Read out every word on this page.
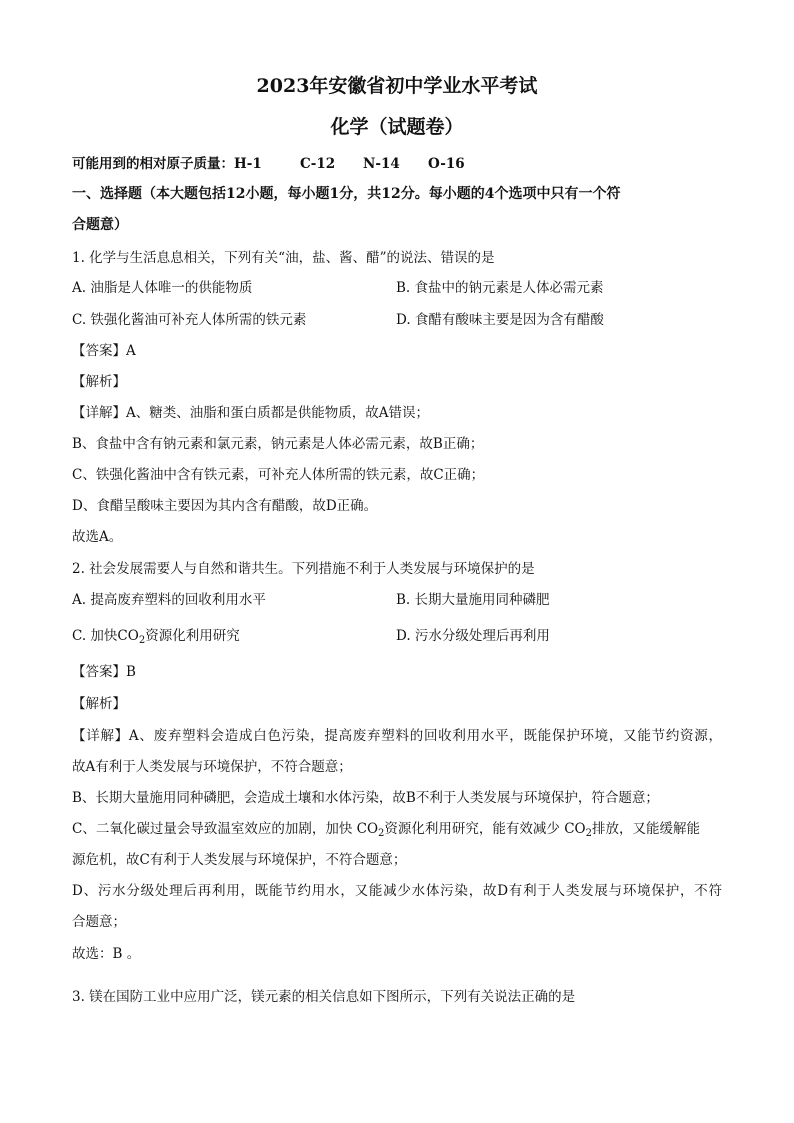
2023年安徽省初中学业水平考试
化学（试题卷）
可能用到的相对原子质量：H-1	C-12 N-14 O-16
一、选择题（本大题包括12小题，每小题1分，共12分。每小题的4个选项中只有一个符
合题意）
1. 化学与生活息息相关，下列有关“油，盐、酱、醋”的说法、错误的是
A. 油脂是人体唯一的供能物质	B. 食盐中的钠元素是人体必需元素
C. 铁强化酱油可补充人体所需的铁元素	D. 食醋有酸味主要是因为含有醋酸
【答案】A
【解析】
【详解】A、糖类、油脂和蛋白质都是供能物质，故A错误；
B、食盐中含有钠元素和氯元素，钠元素是人体必需元素，故B正确；
C、铁强化酱油中含有铁元素，可补充人体所需的铁元素，故C正确；
D、食醋呈酸味主要因为其内含有醋酸，故D正确。
故选A。
2. 社会发展需要人与自然和谐共生。下列措施不利于人类发展与环境保护的是
A. 提高废弃塑料的回收利用水平	B. 长期大量施用同种磷肥
C. 加快$CO_2$资源化利用研究	D. 污水分级处理后再利用
【答案】B
【解析】
【详解】A、废弃塑料会造成白色污染，提高废弃塑料的回收利用水平，既能保护环境，又能节约资源，
故A有利于人类发展与环境保护，不符合题意；
B、长期大量施用同种磷肥，会造成土壤和水体污染，故B不利于人类发展与环境保护，符合题意；
C、二氧化碳过量会导致温室效应的加剧，加快 $CO_2$资源化利用研究，能有效减少 $CO_2$排放，又能缓解能
源危机，故C有利于人类发展与环境保护，不符合题意；
D、污水分级处理后再利用，既能节约用水，又能减少水体污染，故D有利于人类发展与环境保护，不符
合题意；
故选：B 。
3. 镁在国防工业中应用广泛，镁元素的相关信息如下图所示，下列有关说法正确的是
